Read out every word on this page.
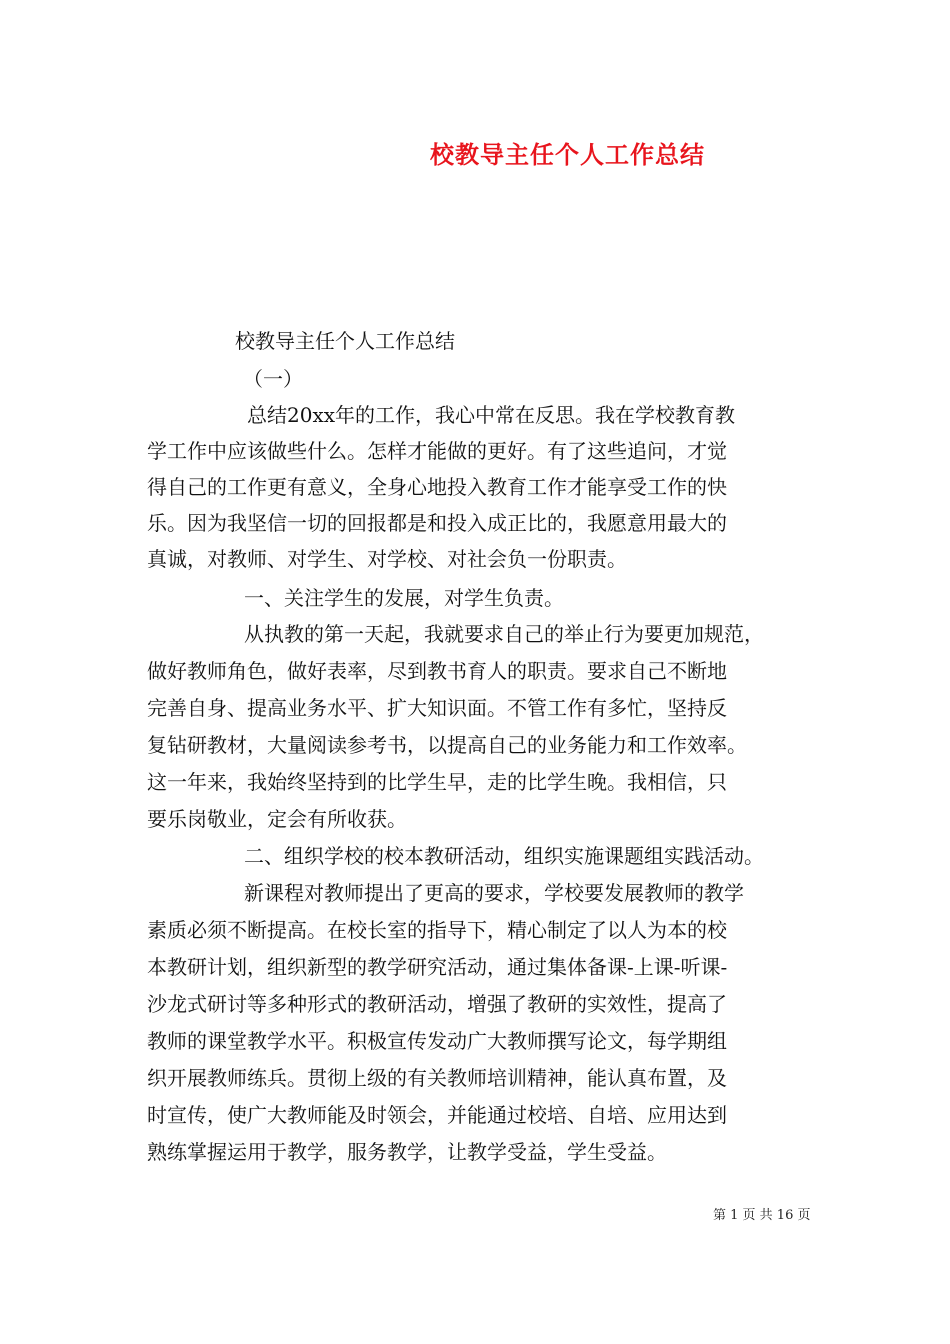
校教导主任个人工作总结
校教导主任个人工作总结
（一）
总结20xx年的工作，我心中常在反思。我在学校教育教
学工作中应该做些什么。怎样才能做的更好。有了这些追问，才觉
得自己的工作更有意义，全身心地投入教育工作才能享受工作的快
乐。因为我坚信一切的回报都是和投入成正比的，我愿意用最大的
真诚，对教师、对学生、对学校、对社会负一份职责。
一、关注学生的发展，对学生负责。
从执教的第一天起，我就要求自己的举止行为要更加规范，
做好教师角色，做好表率，尽到教书育人的职责。要求自己不断地
完善自身、提高业务水平、扩大知识面。不管工作有多忙，坚持反
复钻研教材，大量阅读参考书，以提高自己的业务能力和工作效率。
这一年来，我始终坚持到的比学生早，走的比学生晚。我相信，只
要乐岗敬业，定会有所收获。
二、组织学校的校本教研活动，组织实施课题组实践活动。
新课程对教师提出了更高的要求，学校要发展教师的教学
素质必须不断提高。在校长室的指导下，精心制定了以人为本的校
本教研计划，组织新型的教学研究活动，通过集体备课-上课-听课-
沙龙式研讨等多种形式的教研活动，增强了教研的实效性，提高了
教师的课堂教学水平。积极宣传发动广大教师撰写论文，每学期组
织开展教师练兵。贯彻上级的有关教师培训精神，能认真布置，及
时宣传，使广大教师能及时领会，并能通过校培、自培、应用达到
熟练掌握运用于教学，服务教学，让教学受益，学生受益。
第 1 页 共 16 页
